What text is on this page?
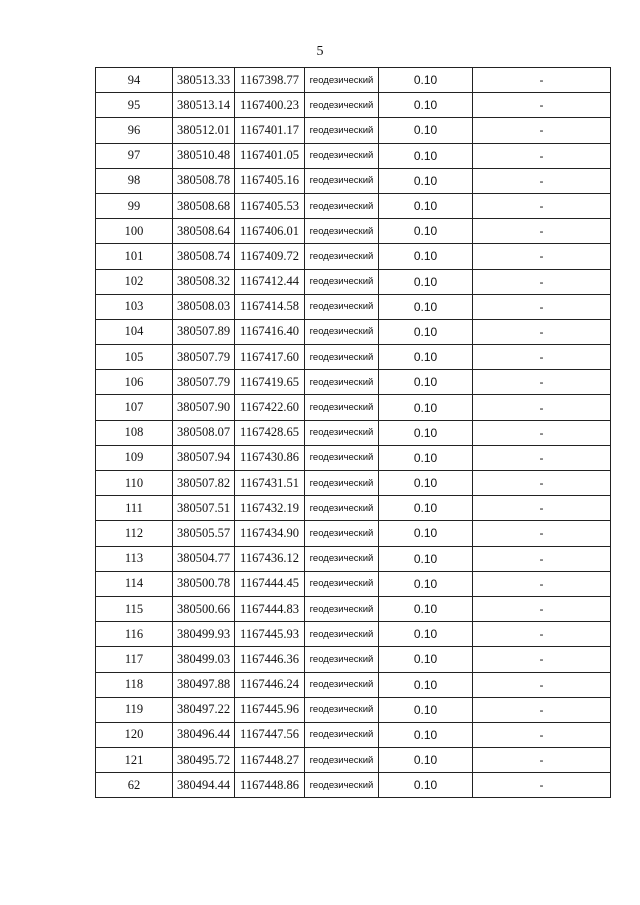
5
94	380513.33	1167398.77	геодезический	0.10	-
95	380513.14	1167400.23	геодезический	0.10	-
96	380512.01	1167401.17	геодезический	0.10	-
97	380510.48	1167401.05	геодезический	0.10	-
98	380508.78	1167405.16	геодезический	0.10	-
99	380508.68	1167405.53	геодезический	0.10	-
100	380508.64	1167406.01	геодезический	0.10	-
101	380508.74	1167409.72	геодезический	0.10	-
102	380508.32	1167412.44	геодезический	0.10	-
103	380508.03	1167414.58	геодезический	0.10	-
104	380507.89	1167416.40	геодезический	0.10	-
105	380507.79	1167417.60	геодезический	0.10	-
106	380507.79	1167419.65	геодезический	0.10	-
107	380507.90	1167422.60	геодезический	0.10	-
108	380508.07	1167428.65	геодезический	0.10	-
109	380507.94	1167430.86	геодезический	0.10	-
110	380507.82	1167431.51	геодезический	0.10	-
111	380507.51	1167432.19	геодезический	0.10	-
112	380505.57	1167434.90	геодезический	0.10	-
113	380504.77	1167436.12	геодезический	0.10	-
114	380500.78	1167444.45	геодезический	0.10	-
115	380500.66	1167444.83	геодезический	0.10	-
116	380499.93	1167445.93	геодезический	0.10	-
117	380499.03	1167446.36	геодезический	0.10	-
118	380497.88	1167446.24	геодезический	0.10	-
119	380497.22	1167445.96	геодезический	0.10	-
120	380496.44	1167447.56	геодезический	0.10	-
121	380495.72	1167448.27	геодезический	0.10	-
62	380494.44	1167448.86	геодезический	0.10	-
